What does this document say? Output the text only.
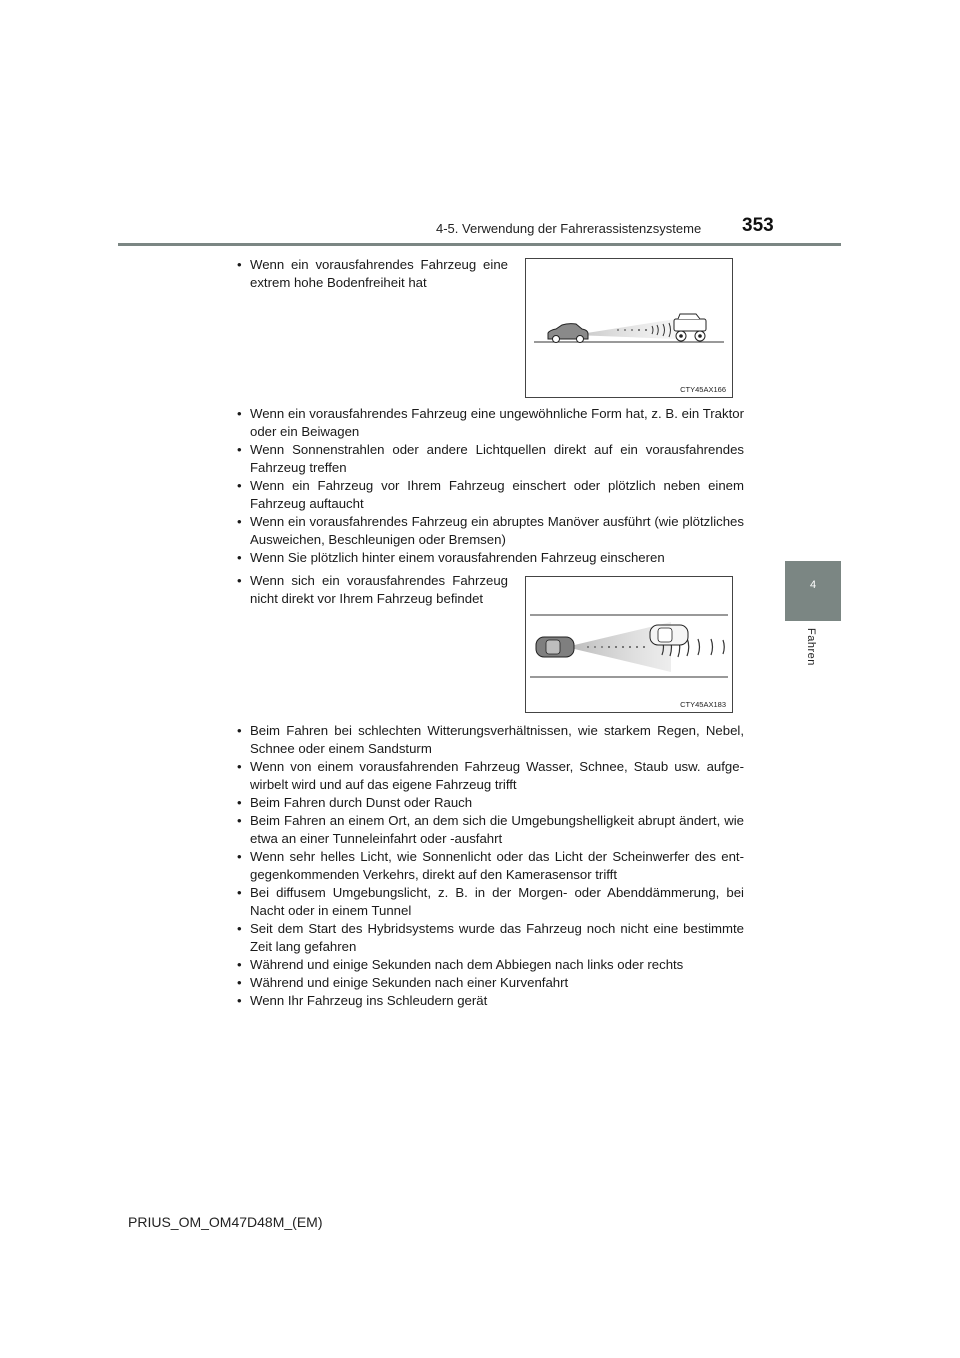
4-5. Verwendung der Fahrerassistenzsysteme 353
4
Fahren
• Wenn ein vorausfahrendes Fahrzeug eine extrem hohe Bodenfreiheit hat
CTY45AX166
• Wenn ein vorausfahrendes Fahrzeug eine ungewöhnliche Form hat, z. B. ein Traktor oder ein Beiwagen
• Wenn Sonnenstrahlen oder andere Lichtquellen direkt auf ein vorausfahrendes Fahrzeug treffen
• Wenn ein Fahrzeug vor Ihrem Fahrzeug einschert oder plötzlich neben einem Fahrzeug auftaucht
• Wenn ein vorausfahrendes Fahrzeug ein abruptes Manöver ausführt (wie plötzliches Ausweichen, Beschleunigen oder Bremsen)
• Wenn Sie plötzlich hinter einem vorausfahrenden Fahrzeug einscheren
• Wenn sich ein vorausfahrendes Fahrzeug nicht direkt vor Ihrem Fahrzeug befindet
CTY45AX183
• Beim Fahren bei schlechten Witterungsverhältnissen, wie starkem Regen, Nebel, Schnee oder einem Sandsturm
• Wenn von einem vorausfahrenden Fahrzeug Wasser, Schnee, Staub usw. aufgewirbelt wird und auf das eigene Fahrzeug trifft
• Beim Fahren durch Dunst oder Rauch
• Beim Fahren an einem Ort, an dem sich die Umgebungshelligkeit abrupt ändert, wie etwa an einer Tunneleinfahrt oder -ausfahrt
• Wenn sehr helles Licht, wie Sonnenlicht oder das Licht der Scheinwerfer des entgegenkommenden Verkehrs, direkt auf den Kamerasensor trifft
• Bei diffusem Umgebungslicht, z. B. in der Morgen- oder Abenddämmerung, bei Nacht oder in einem Tunnel
• Seit dem Start des Hybridsystems wurde das Fahrzeug noch nicht eine bestimmte Zeit lang gefahren
• Während und einige Sekunden nach dem Abbiegen nach links oder rechts
• Während und einige Sekunden nach einer Kurvenfahrt
• Wenn Ihr Fahrzeug ins Schleudern gerät
PRIUS_OM_OM47D48M_(EM)
